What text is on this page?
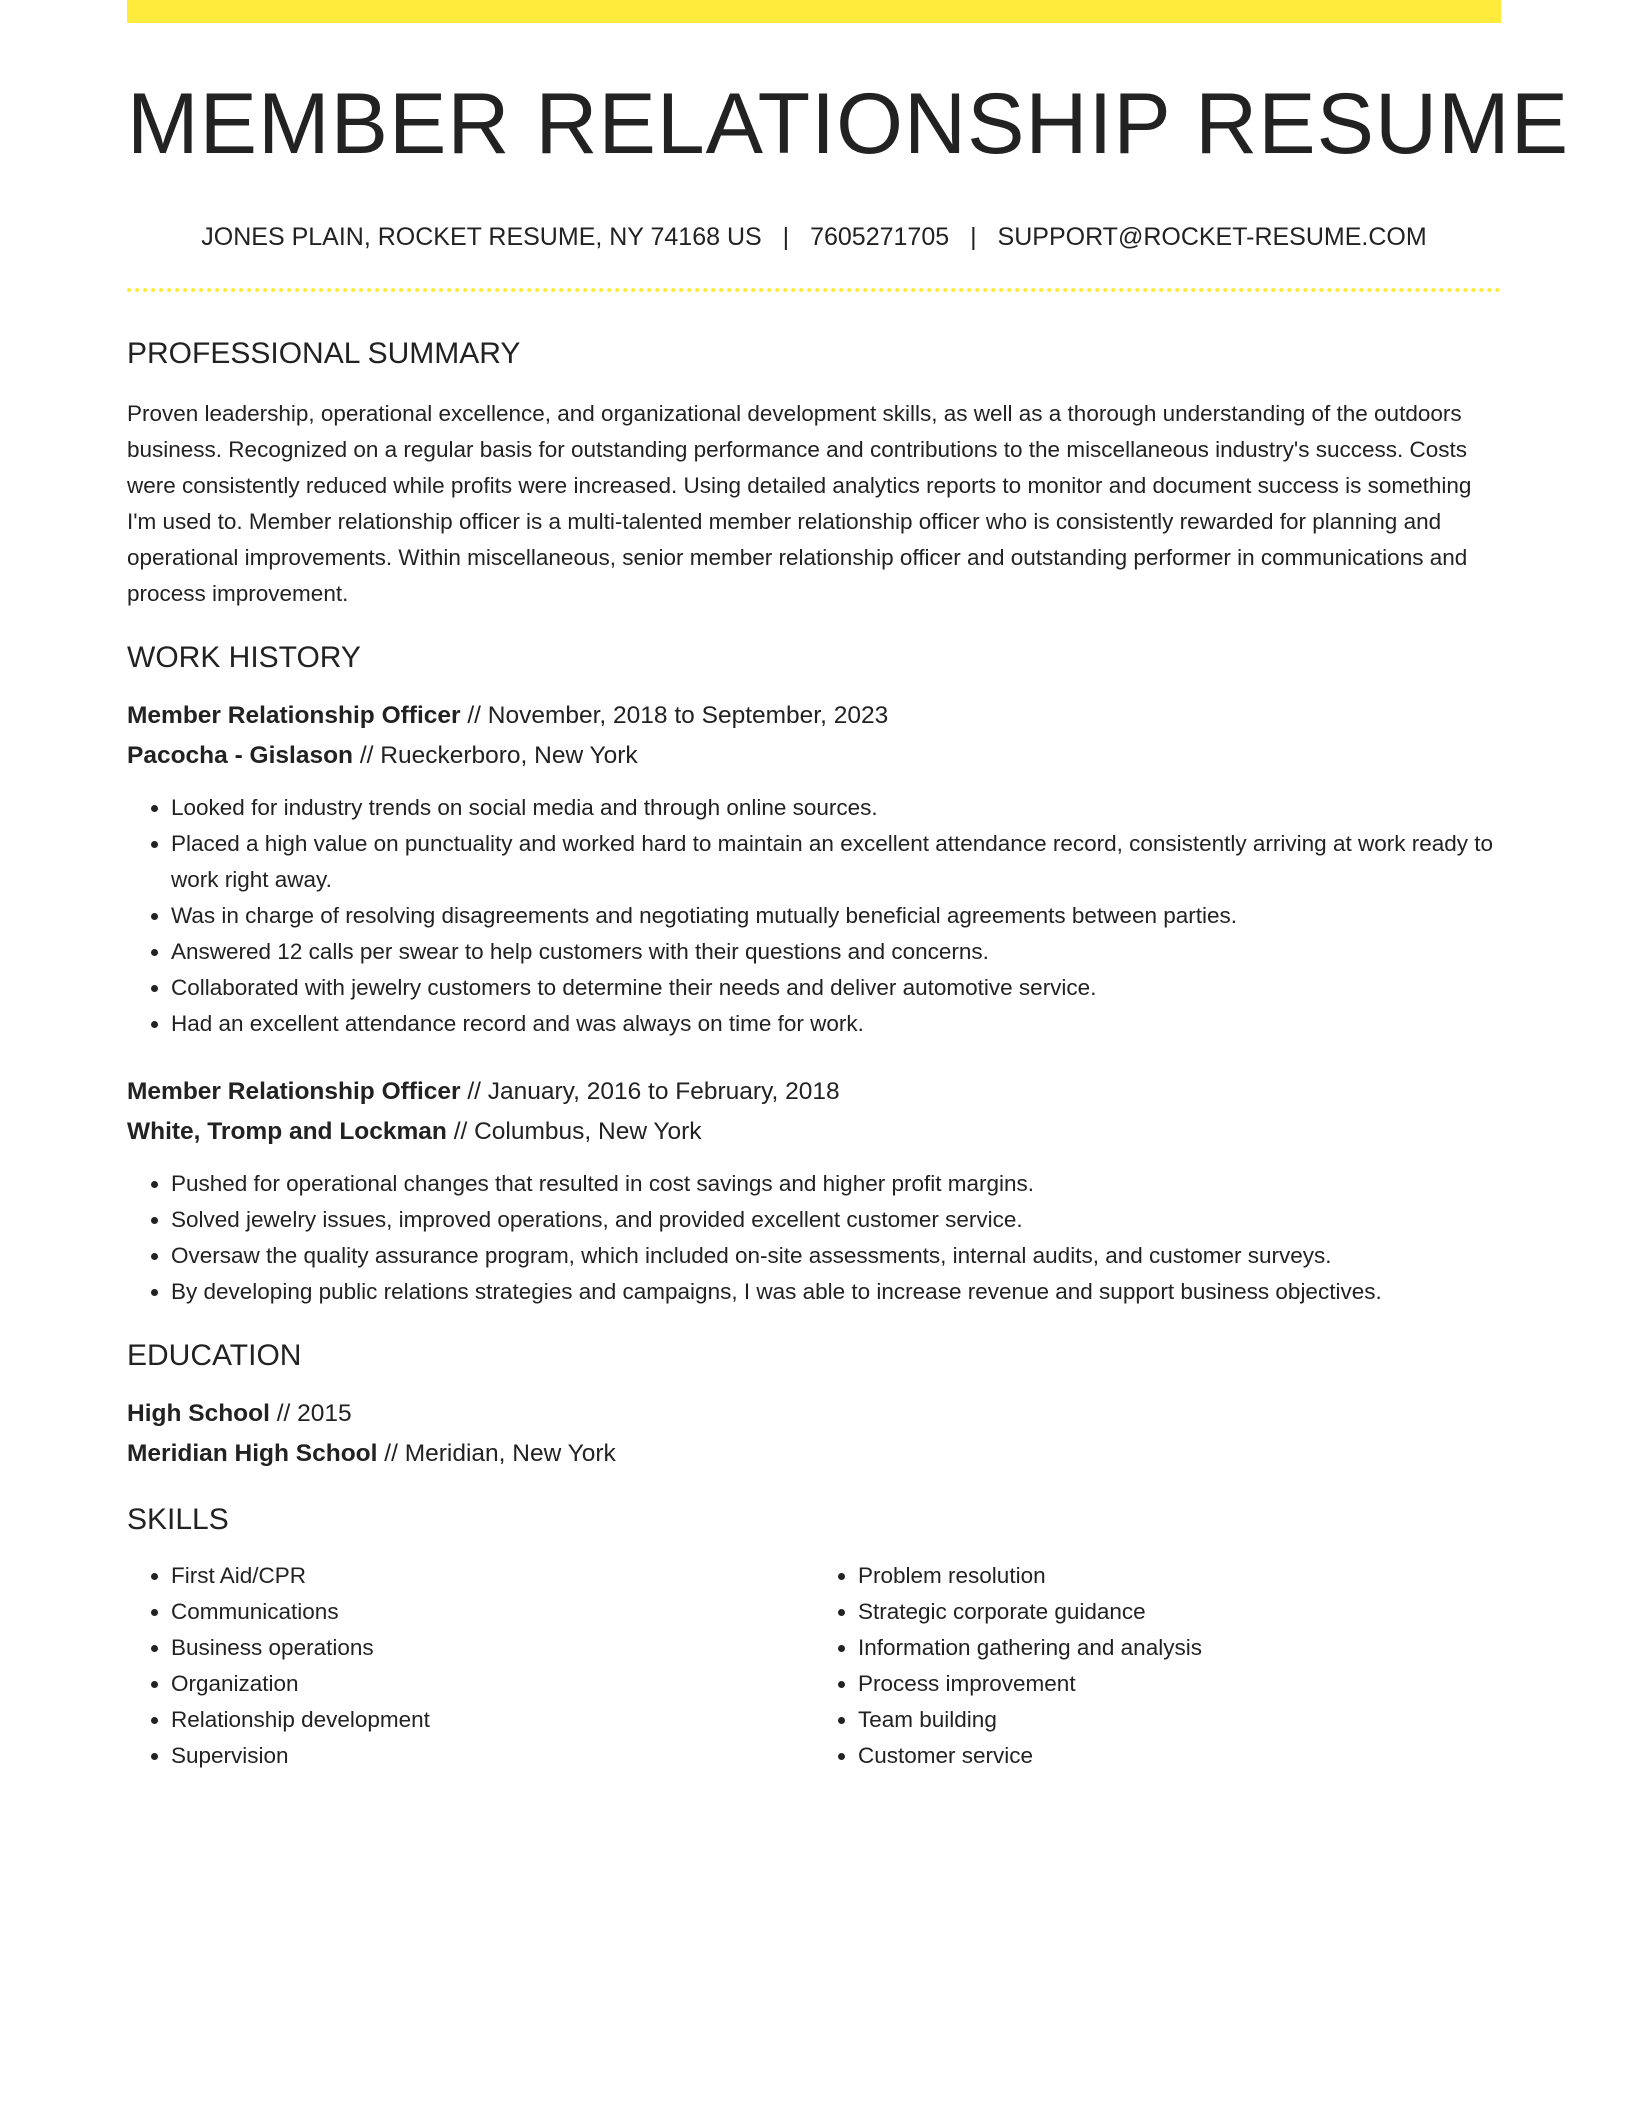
MEMBER RELATIONSHIP RESUME
JONES PLAIN, ROCKET RESUME, NY 74168 US | 7605271705 | SUPPORT@ROCKET-RESUME.COM
PROFESSIONAL SUMMARY

Proven leadership, operational excellence, and organizational development skills, as well as a thorough understanding of the outdoors business. Recognized on a regular basis for outstanding performance and contributions to the miscellaneous industry's success. Costs were consistently reduced while profits were increased. Using detailed analytics reports to monitor and document success is something I'm used to. Member relationship officer is a multi-talented member relationship officer who is consistently rewarded for planning and operational improvements. Within miscellaneous, senior member relationship officer and outstanding performer in communications and process improvement.

WORK HISTORY

Member Relationship Officer // November, 2018 to September, 2023

Pacocha - Gislason // Rueckerboro, New York

• Looked for industry trends on social media and through online sources.
• Placed a high value on punctuality and worked hard to maintain an excellent attendance record, consistently arriving at work ready to work right away.
• Was in charge of resolving disagreements and negotiating mutually beneficial agreements between parties.
• Answered 12 calls per swear to help customers with their questions and concerns.
• Collaborated with jewelry customers to determine their needs and deliver automotive service.
• Had an excellent attendance record and was always on time for work.

Member Relationship Officer // January, 2016 to February, 2018

White, Tromp and Lockman // Columbus, New York

• Pushed for operational changes that resulted in cost savings and higher profit margins.
• Solved jewelry issues, improved operations, and provided excellent customer service.
• Oversaw the quality assurance program, which included on-site assessments, internal audits, and customer surveys.
• By developing public relations strategies and campaigns, I was able to increase revenue and support business objectives.
EDUCATION

High School // 2015

Meridian High School // Meridian, New York

SKILLS
• First Aid/CPR
• Communications
• Business operations
• Organization
• Relationship development
• Supervision
• Problem resolution
• Strategic corporate guidance
• Information gathering and analysis
• Process improvement
• Team building
• Customer service
